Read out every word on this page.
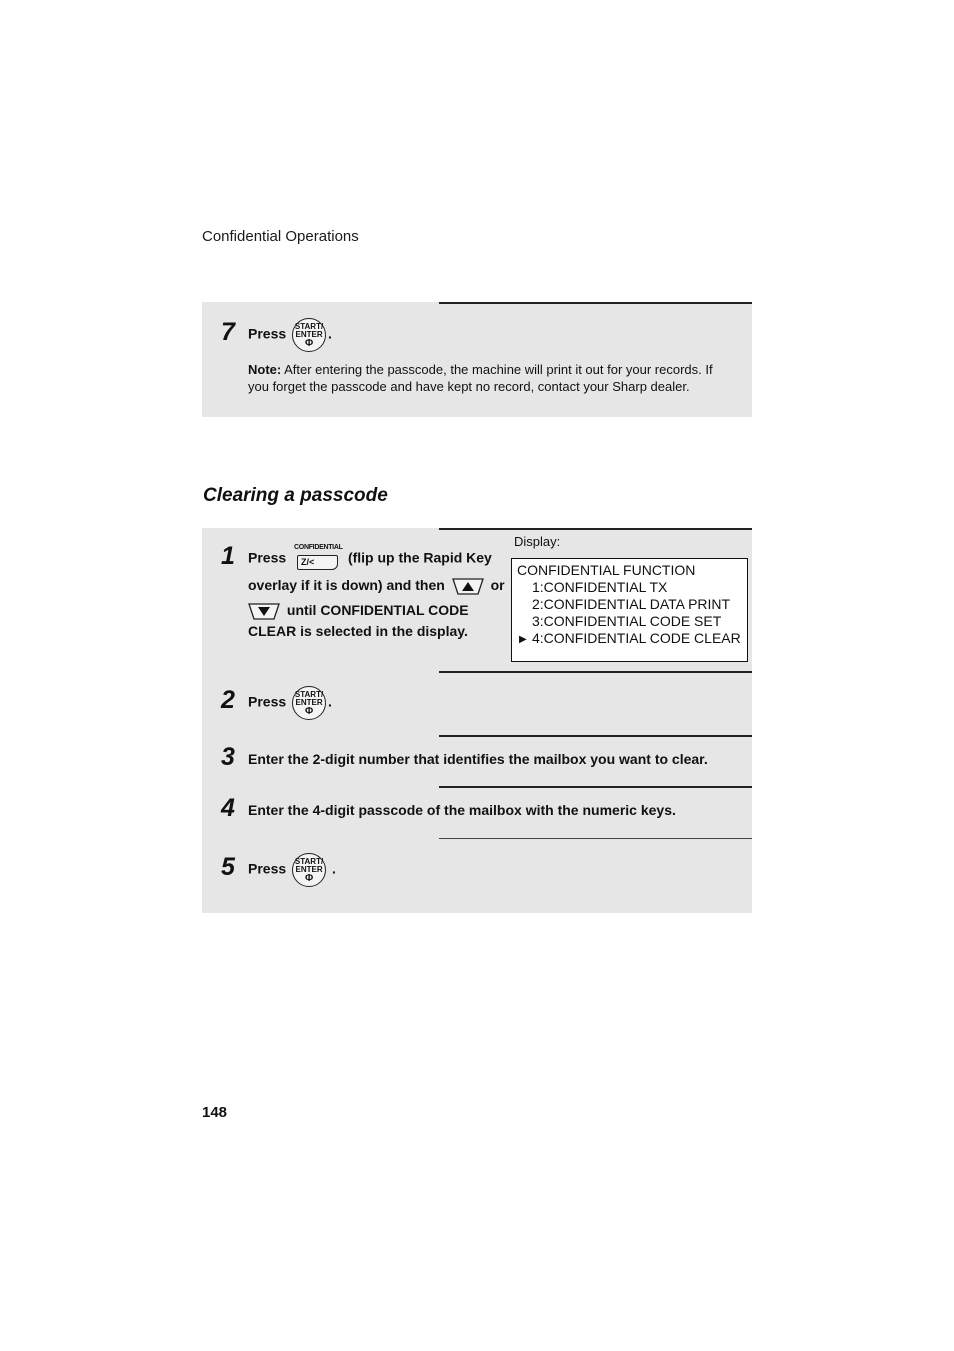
Confidential Operations
7 Press START/
ENTER
Φ
.
Note: After entering the passcode, the machine will print it out for your records. If
you forget the passcode and have kept no record, contact your Sharp dealer.
Clearing a passcode
1 Press
CONFIDENTIAL
Z/<	(flip up the Rapid Key
overlay if it is down) and then	or
until CONFIDENTIAL CODE
CLEAR is selected in the display.
Display:
CONFIDENTIAL FUNCTION
1:CONFIDENTIAL TX
2:CONFIDENTIAL DATA PRINT
3:CONFIDENTIAL CODE SET
▶ 4:CONFIDENTIAL CODE CLEAR
2 Press START/
ENTER
Φ
.
3 Enter the 2-digit number that identifies the mailbox you want to clear.
4 Enter the 4-digit passcode of the mailbox with the numeric keys.
5 Press START/
ENTER
Φ
.
148
